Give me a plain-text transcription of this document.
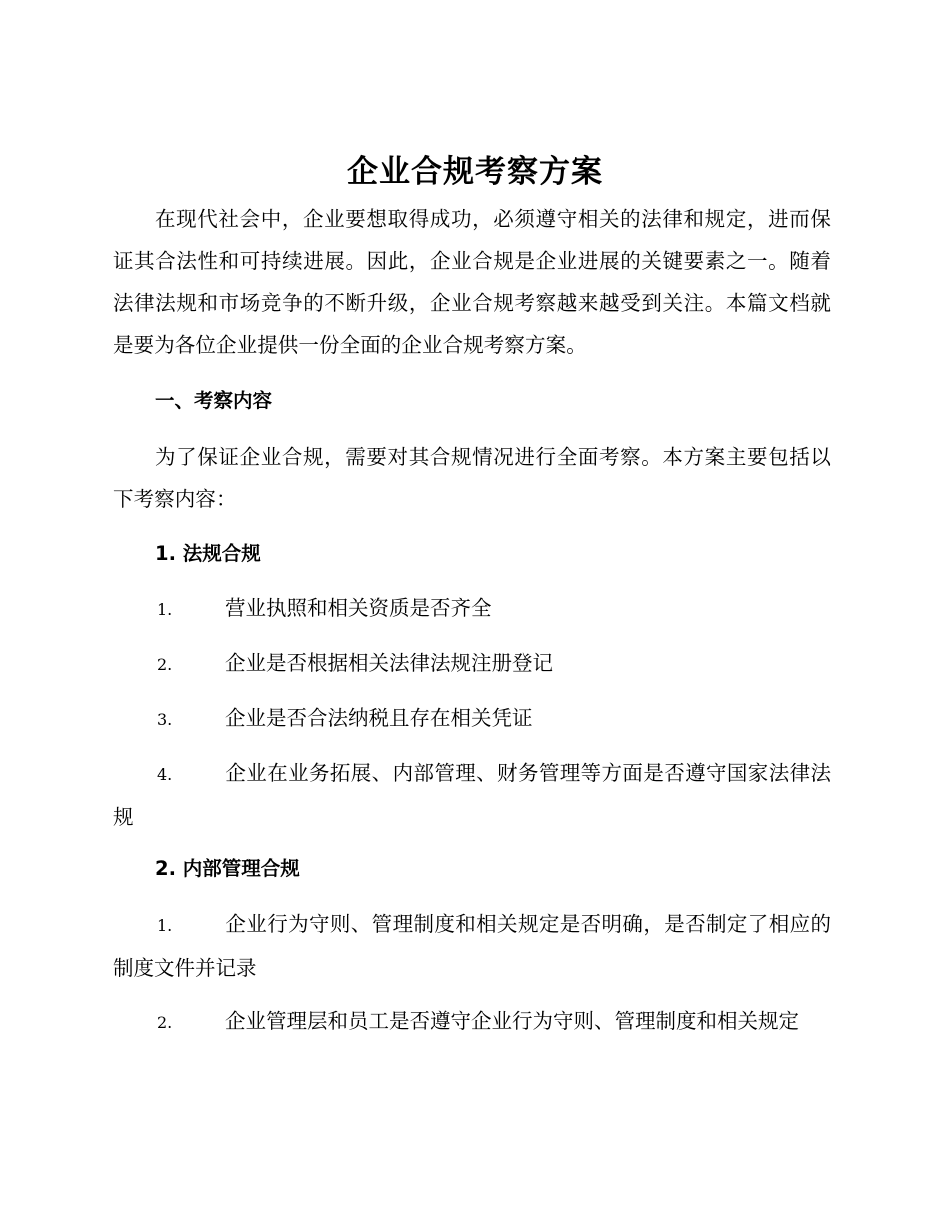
企业合规考察方案

在现代社会中，企业要想取得成功，必须遵守相关的法律和规定，进而保证其合法性和可持续进展。因此，企业合规是企业进展的关键要素之一。随着法律法规和市场竞争的不断升级，企业合规考察越来越受到关注。本篇文档就是要为各位企业提供一份全面的企业合规考察方案。

一、考察内容

为了保证企业合规，需要对其合规情况进行全面考察。本方案主要包括以下考察内容：

1. 法规合规

1.	营业执照和相关资质是否齐全

2.	企业是否根据相关法律法规注册登记

3.	企业是否合法纳税且存在相关凭证

4.	企业在业务拓展、内部管理、财务管理等方面是否遵守国家法律法规

2. 内部管理合规

1.	企业行为守则、管理制度和相关规定是否明确，是否制定了相应的制度文件并记录

2.	企业管理层和员工是否遵守企业行为守则、管理制度和相关规定
